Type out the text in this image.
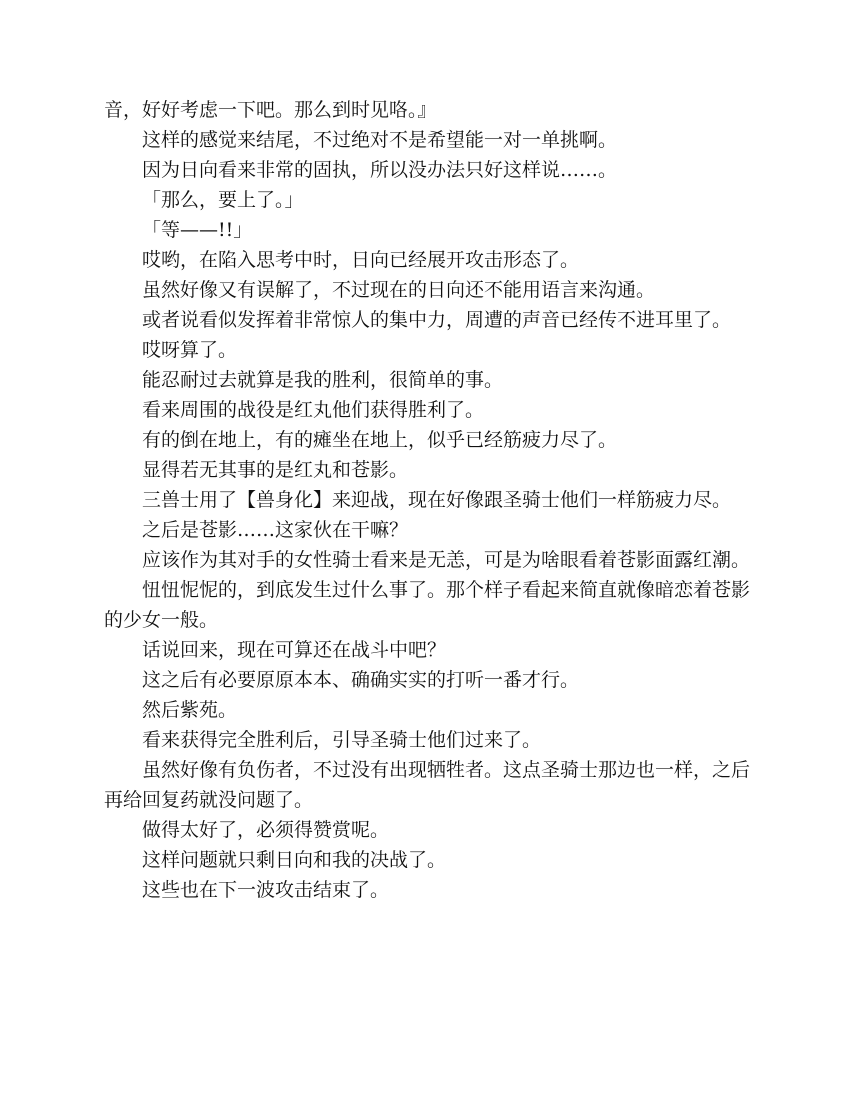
音，好好考虑一下吧。那么到时见咯。』

这样的感觉来结尾，不过绝对不是希望能一对一单挑啊。

因为日向看来非常的固执，所以没办法只好这样说……。

「那么，要上了。」

「等——!!」

哎哟，在陷入思考中时，日向已经展开攻击形态了。

虽然好像又有误解了，不过现在的日向还不能用语言来沟通。

或者说看似发挥着非常惊人的集中力，周遭的声音已经传不进耳里了。

哎呀算了。

能忍耐过去就算是我的胜利，很简单的事。

看来周围的战役是红丸他们获得胜利了。

有的倒在地上，有的瘫坐在地上，似乎已经筋疲力尽了。

显得若无其事的是红丸和苍影。

三兽士用了【兽身化】来迎战，现在好像跟圣骑士他们一样筋疲力尽。

之后是苍影……这家伙在干嘛？

应该作为其对手的女性骑士看来是无恙，可是为啥眼看着苍影面露红潮。

忸忸怩怩的，到底发生过什么事了。那个样子看起来简直就像暗恋着苍影的少女一般。

话说回来，现在可算还在战斗中吧？

这之后有必要原原本本、确确实实的打听一番才行。

然后紫苑。

看来获得完全胜利后，引导圣骑士他们过来了。

虽然好像有负伤者，不过没有出现牺牲者。这点圣骑士那边也一样，之后再给回复药就没问题了。

做得太好了，必须得赞赏呢。

这样问题就只剩日向和我的决战了。

这些也在下一波攻击结束了。
